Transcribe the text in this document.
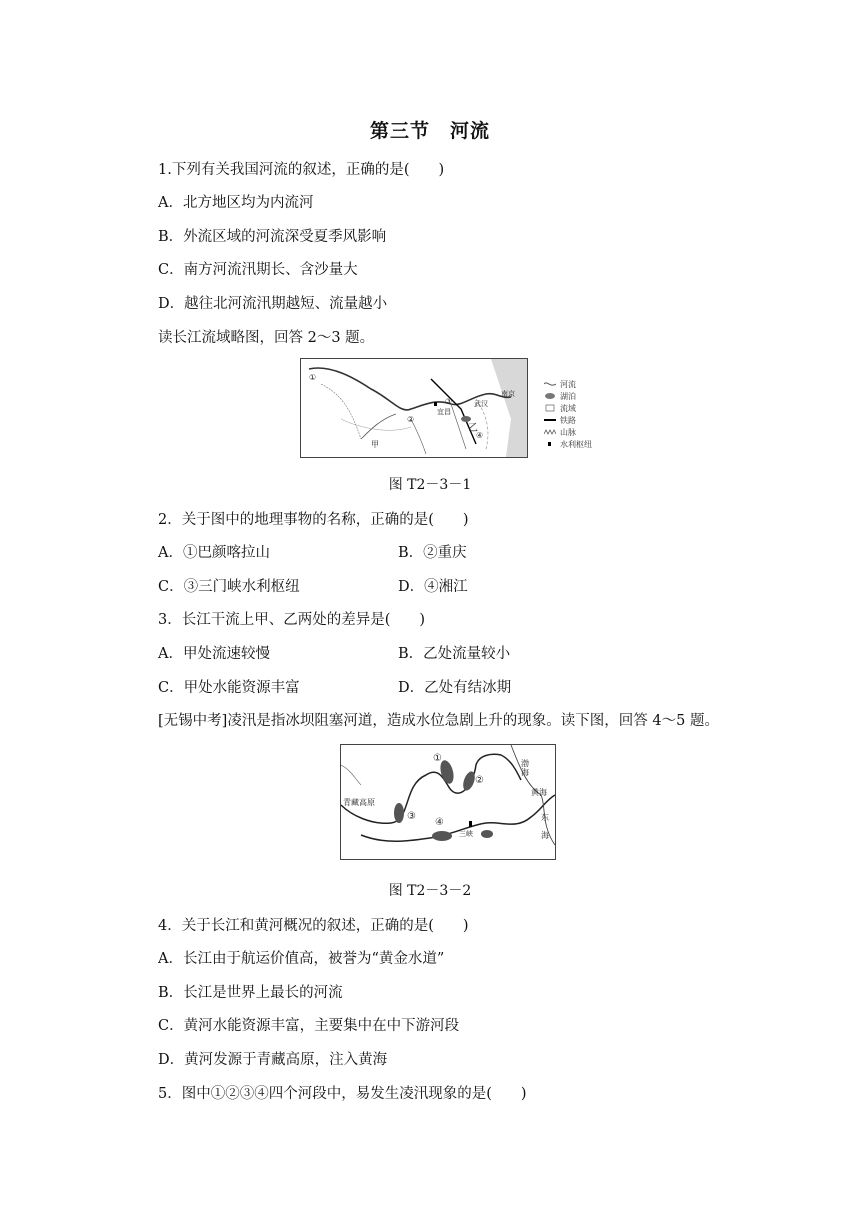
第三节　河流
1.下列有关我国河流的叙述，正确的是(　　)
A．北方地区均为内流河
B．外流区域的河流深受夏季风影响
C．南方河流汛期长、含沙量大
D．越往北河流汛期越短、流量越小
读长江流域略图，回答 2～3 题。
①
②
③
④
甲
乙
宜昌
武汉
南京
河流
湖泊
流域
铁路
山脉
水利枢纽
图 T2－3－1
2．关于图中的地理事物的名称，正确的是(　　)
A．①巴颜喀拉山	B．②重庆
C．③三门峡水利枢纽	D．④湘江
3．长江干流上甲、乙两处的差异是(　　)
A．甲处流速较慢	B．乙处流量较小
C．甲处水能资源丰富	D．乙处有结冰期
[无锡中考]凌汛是指冰坝阻塞河道，造成水位急剧上升的现象。读下图，回答 4～5 题。
①
②
③
④
青藏高原
渤海
黄海
东海
三峡
图 T2－3－2
4．关于长江和黄河概况的叙述，正确的是(　　)
A．长江由于航运价值高，被誉为“黄金水道”
B．长江是世界上最长的河流
C．黄河水能资源丰富，主要集中在中下游河段
D．黄河发源于青藏高原，注入黄海
5．图中①②③④四个河段中，易发生凌汛现象的是(　　)
